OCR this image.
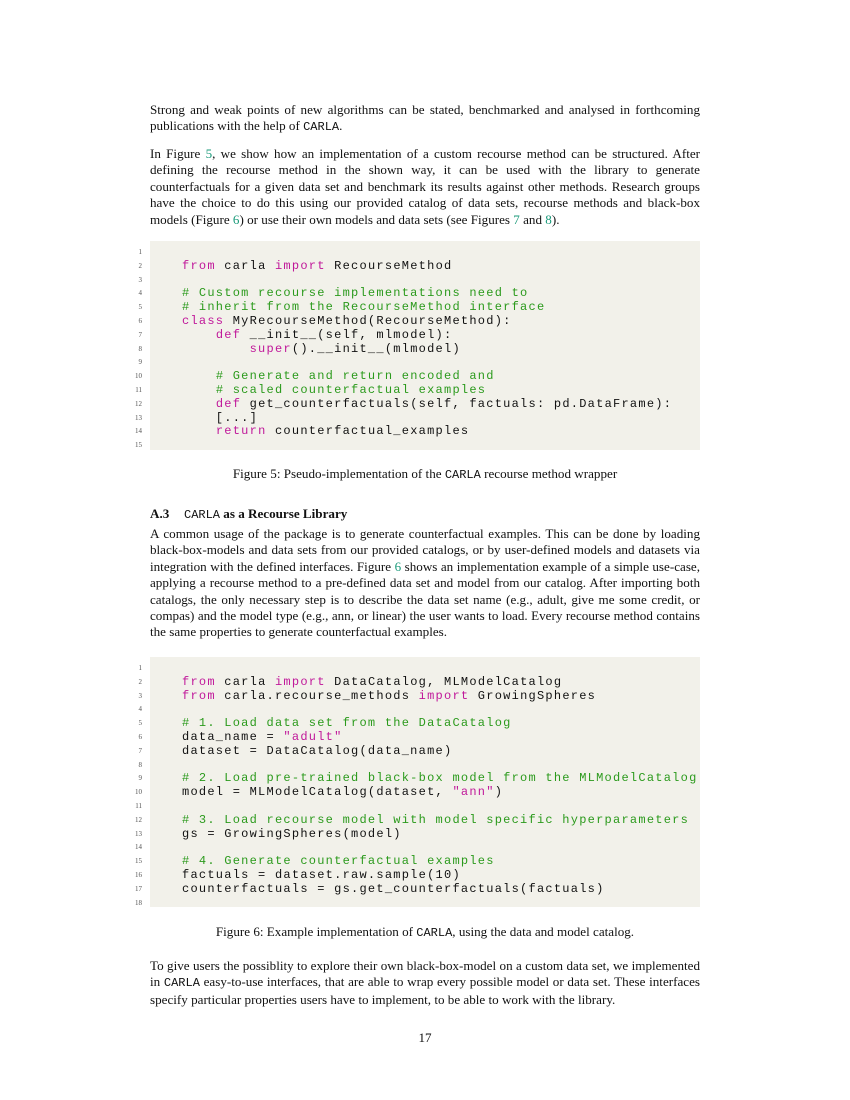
Strong and weak points of new algorithms can be stated, benchmarked and analysed in forthcoming publications with the help of CARLA.

In Figure 5, we show how an implementation of a custom recourse method can be structured. After defining the recourse method in the shown way, it can be used with the library to generate counterfactuals for a given data set and benchmark its results against other methods. Research groups have the choice to do this using our provided catalog of data sets, recourse methods and black-box models (Figure 6) or use their own models and data sets (see Figures 7 and 8).

1
2	from carla import RecourseMethod
3
4	# Custom recourse implementations need to
5	# inherit from the RecourseMethod interface
6	class MyRecourseMethod(RecourseMethod):
7	def __init__(self, mlmodel):
8	super().__init__(mlmodel)
9
10	# Generate and return encoded and
11	# scaled counterfactual examples
12	def get_counterfactuals(self, factuals: pd.DataFrame):
13	[...]
14	return counterfactual_examples
15
Figure 5: Pseudo-implementation of the CARLA recourse method wrapper
A.3 CARLA as a Recourse Library

A common usage of the package is to generate counterfactual examples. This can be done by loading black-box-models and data sets from our provided catalogs, or by user-defined models and datasets via integration with the defined interfaces. Figure 6 shows an implementation example of a simple use-case, applying a recourse method to a pre-defined data set and model from our catalog. After importing both catalogs, the only necessary step is to describe the data set name (e.g., adult, give me some credit, or compas) and the model type (e.g., ann, or linear) the user wants to load. Every recourse method contains the same properties to generate counterfactual examples.

1
2	from carla import DataCatalog, MLModelCatalog
3	from carla.recourse_methods import GrowingSpheres
4
5	# 1. Load data set from the DataCatalog
6	data_name = "adult"
7	dataset = DataCatalog(data_name)
8
9	# 2. Load pre-trained black-box model from the MLModelCatalog
10	model = MLModelCatalog(dataset, "ann")
11
12	# 3. Load recourse model with model specific hyperparameters
13	gs = GrowingSpheres(model)
14
15	# 4. Generate counterfactual examples
16	factuals = dataset.raw.sample(10)
17	counterfactuals = gs.get_counterfactuals(factuals)
18
Figure 6: Example implementation of CARLA, using the data and model catalog.

To give users the possiblity to explore their own black-box-model on a custom data set, we implemented in CARLA easy-to-use interfaces, that are able to wrap every possible model or data set. These interfaces specify particular properties users have to implement, to be able to work with the library.

17
